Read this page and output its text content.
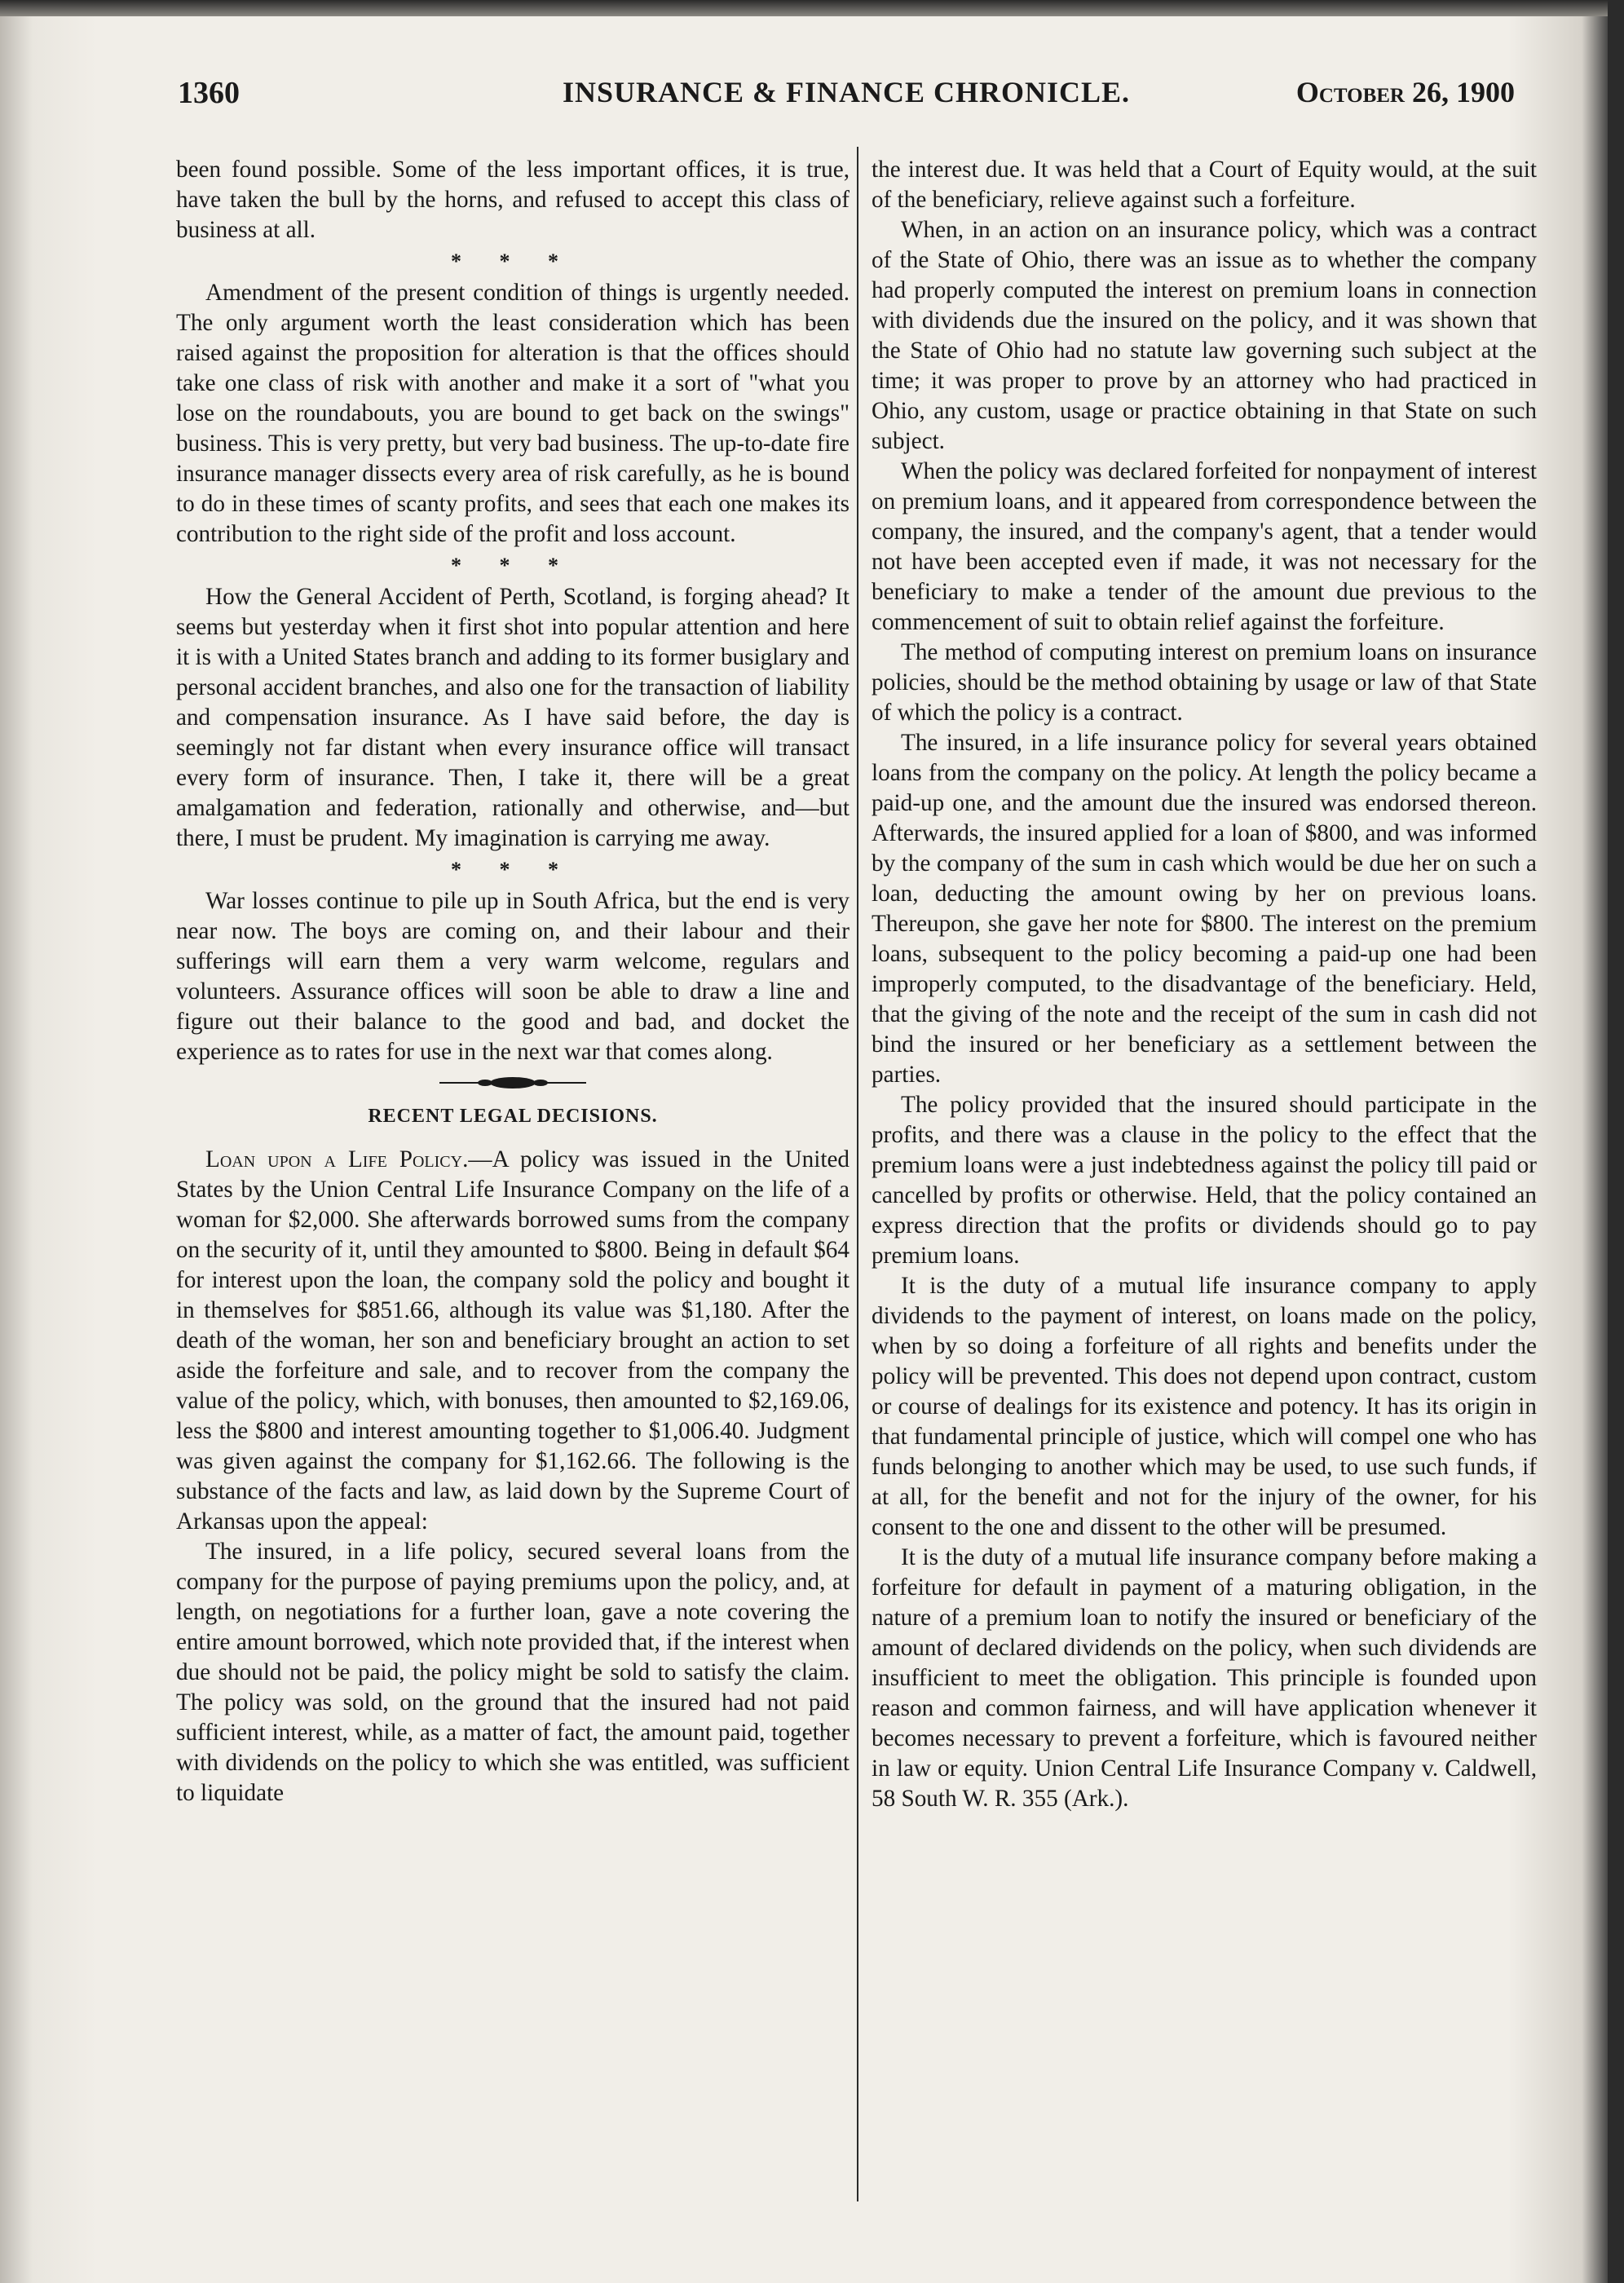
1360	INSURANCE & FINANCE CHRONICLE.	October 26, 1900

been found possible. Some of the less important offices, it is true, have taken the bull by the horns, and refused to accept this class of business at all.

* * *

Amendment of the present condition of things is urgently needed. The only argument worth the least consideration which has been raised against the proposition for alteration is that the offices should take one class of risk with another and make it a sort of "what you lose on the roundabouts, you are bound to get back on the swings" business. This is very pretty, but very bad business. The up-to-date fire insurance manager dissects every area of risk carefully, as he is bound to do in these times of scanty profits, and sees that each one makes its contribution to the right side of the profit and loss account.

* * *

How the General Accident of Perth, Scotland, is forging ahead? It seems but yesterday when it first shot into popular attention and here it is with a United States branch and adding to its former busiglary and personal accident branches, and also one for the transaction of liability and compensation insurance. As I have said before, the day is seemingly not far distant when every insurance office will transact every form of insurance. Then, I take it, there will be a great amalgamation and federation, rationally and otherwise, and—but there, I must be prudent. My imagination is carrying me away.

* * *

War losses continue to pile up in South Africa, but the end is very near now. The boys are coming on, and their labour and their sufferings will earn them a very warm welcome, regulars and volunteers. Assurance offices will soon be able to draw a line and figure out their balance to the good and bad, and docket the experience as to rates for use in the next war that comes along.

RECENT LEGAL DECISIONS.

Loan upon a Life Policy.—A policy was issued in the United States by the Union Central Life Insurance Company on the life of a woman for $2,000. She afterwards borrowed sums from the company on the security of it, until they amounted to $800. Being in default $64 for interest upon the loan, the company sold the policy and bought it in themselves for $851.66, although its value was $1,180. After the death of the woman, her son and beneficiary brought an action to set aside the forfeiture and sale, and to recover from the company the value of the policy, which, with bonuses, then amounted to $2,169.06, less the $800 and interest amounting together to $1,006.40. Judgment was given against the company for $1,162.66. The following is the substance of the facts and law, as laid down by the Supreme Court of Arkansas upon the appeal:

The insured, in a life policy, secured several loans from the company for the purpose of paying premiums upon the policy, and, at length, on negotiations for a further loan, gave a note covering the entire amount borrowed, which note provided that, if the interest when due should not be paid, the policy might be sold to satisfy the claim. The policy was sold, on the ground that the insured had not paid sufficient interest, while, as a matter of fact, the amount paid, together with dividends on the policy to which she was entitled, was sufficient to liquidate

the interest due. It was held that a Court of Equity would, at the suit of the beneficiary, relieve against such a forfeiture.

When, in an action on an insurance policy, which was a contract of the State of Ohio, there was an issue as to whether the company had properly computed the interest on premium loans in connection with dividends due the insured on the policy, and it was shown that the State of Ohio had no statute law governing such subject at the time; it was proper to prove by an attorney who had practiced in Ohio, any custom, usage or practice obtaining in that State on such subject.

When the policy was declared forfeited for nonpayment of interest on premium loans, and it appeared from correspondence between the company, the insured, and the company's agent, that a tender would not have been accepted even if made, it was not necessary for the beneficiary to make a tender of the amount due previous to the commencement of suit to obtain relief against the forfeiture.

The method of computing interest on premium loans on insurance policies, should be the method obtaining by usage or law of that State of which the policy is a contract.

The insured, in a life insurance policy for several years obtained loans from the company on the policy. At length the policy became a paid-up one, and the amount due the insured was endorsed thereon. Afterwards, the insured applied for a loan of $800, and was informed by the company of the sum in cash which would be due her on such a loan, deducting the amount owing by her on previous loans. Thereupon, she gave her note for $800. The interest on the premium loans, subsequent to the policy becoming a paid-up one had been improperly computed, to the disadvantage of the beneficiary. Held, that the giving of the note and the receipt of the sum in cash did not bind the insured or her beneficiary as a settlement between the parties.

The policy provided that the insured should participate in the profits, and there was a clause in the policy to the effect that the premium loans were a just indebtedness against the policy till paid or cancelled by profits or otherwise. Held, that the policy contained an express direction that the profits or dividends should go to pay premium loans.

It is the duty of a mutual life insurance company to apply dividends to the payment of interest, on loans made on the policy, when by so doing a forfeiture of all rights and benefits under the policy will be prevented. This does not depend upon contract, custom or course of dealings for its existence and potency. It has its origin in that fundamental principle of justice, which will compel one who has funds belonging to another which may be used, to use such funds, if at all, for the benefit and not for the injury of the owner, for his consent to the one and dissent to the other will be presumed.

It is the duty of a mutual life insurance company before making a forfeiture for default in payment of a maturing obligation, in the nature of a premium loan to notify the insured or beneficiary of the amount of declared dividends on the policy, when such dividends are insufficient to meet the obligation. This principle is founded upon reason and common fairness, and will have application whenever it becomes necessary to prevent a forfeiture, which is favoured neither in law or equity. Union Central Life Insurance Company v. Caldwell, 58 South W. R. 355 (Ark.).
